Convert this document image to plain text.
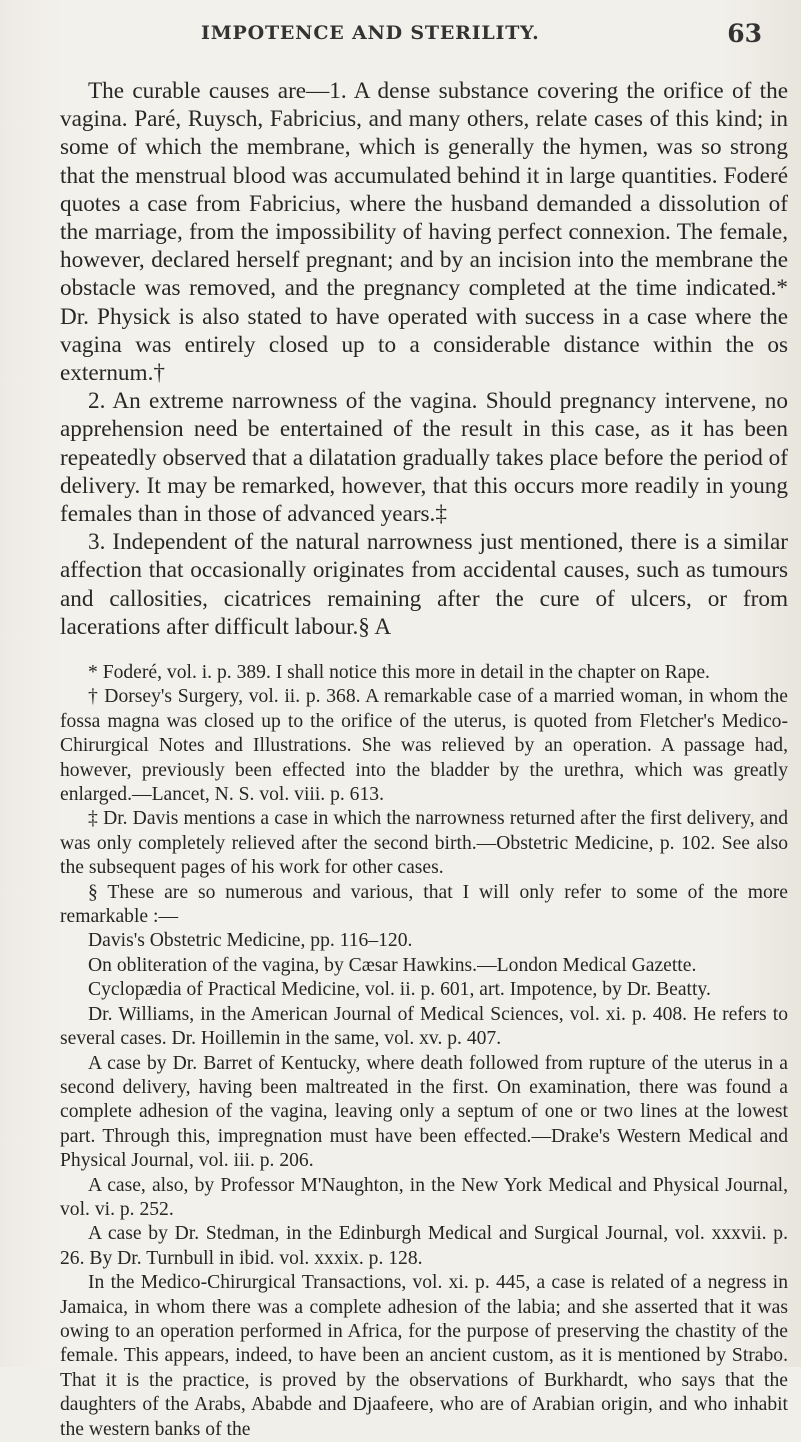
IMPOTENCE AND STERILITY.	63

The curable causes are—1. A dense substance covering the orifice of the vagina. Paré, Ruysch, Fabricius, and many others, relate cases of this kind; in some of which the membrane, which is generally the hymen, was so strong that the menstrual blood was accumulated behind it in large quantities. Foderé quotes a case from Fabricius, where the husband demanded a dissolution of the marriage, from the impossibility of having perfect connexion. The female, however, declared herself pregnant; and by an incision into the membrane the obstacle was removed, and the pregnancy completed at the time indicated.* Dr. Physick is also stated to have operated with success in a case where the vagina was entirely closed up to a considerable distance within the os externum.†

2. An extreme narrowness of the vagina. Should pregnancy intervene, no apprehension need be entertained of the result in this case, as it has been repeatedly observed that a dilatation gradually takes place before the period of delivery. It may be remarked, however, that this occurs more readily in young females than in those of advanced years.‡

3. Independent of the natural narrowness just mentioned, there is a similar affection that occasionally originates from accidental causes, such as tumours and callosities, cicatrices remaining after the cure of ulcers, or from lacerations after difficult labour.§ A

* Foderé, vol. i. p. 389. I shall notice this more in detail in the chapter on Rape.

† Dorsey's Surgery, vol. ii. p. 368. A remarkable case of a married woman, in whom the fossa magna was closed up to the orifice of the uterus, is quoted from Fletcher's Medico-Chirurgical Notes and Illustrations. She was relieved by an operation. A passage had, however, previously been effected into the bladder by the urethra, which was greatly enlarged.—Lancet, N. S. vol. viii. p. 613.

‡ Dr. Davis mentions a case in which the narrowness returned after the first delivery, and was only completely relieved after the second birth.—Obstetric Medicine, p. 102. See also the subsequent pages of his work for other cases.

§ These are so numerous and various, that I will only refer to some of the more remarkable :—

Davis's Obstetric Medicine, pp. 116–120.

On obliteration of the vagina, by Cæsar Hawkins.—London Medical Gazette.

Cyclopædia of Practical Medicine, vol. ii. p. 601, art. Impotence, by Dr. Beatty.

Dr. Williams, in the American Journal of Medical Sciences, vol. xi. p. 408. He refers to several cases. Dr. Hoillemin in the same, vol. xv. p. 407.

A case by Dr. Barret of Kentucky, where death followed from rupture of the uterus in a second delivery, having been maltreated in the first. On examination, there was found a complete adhesion of the vagina, leaving only a septum of one or two lines at the lowest part. Through this, impregnation must have been effected.—Drake's Western Medical and Physical Journal, vol. iii. p. 206.

A case, also, by Professor M'Naughton, in the New York Medical and Physical Journal, vol. vi. p. 252.

A case by Dr. Stedman, in the Edinburgh Medical and Surgical Journal, vol. xxxvii. p. 26. By Dr. Turnbull in ibid. vol. xxxix. p. 128.

In the Medico-Chirurgical Transactions, vol. xi. p. 445, a case is related of a negress in Jamaica, in whom there was a complete adhesion of the labia; and she asserted that it was owing to an operation performed in Africa, for the purpose of preserving the chastity of the female. This appears, indeed, to have been an ancient custom, as it is mentioned by Strabo. That it is the practice, is proved by the observations of Burkhardt, who says that the daughters of the Arabs, Ababde and Djaafeere, who are of Arabian origin, and who inhabit the western banks of the
